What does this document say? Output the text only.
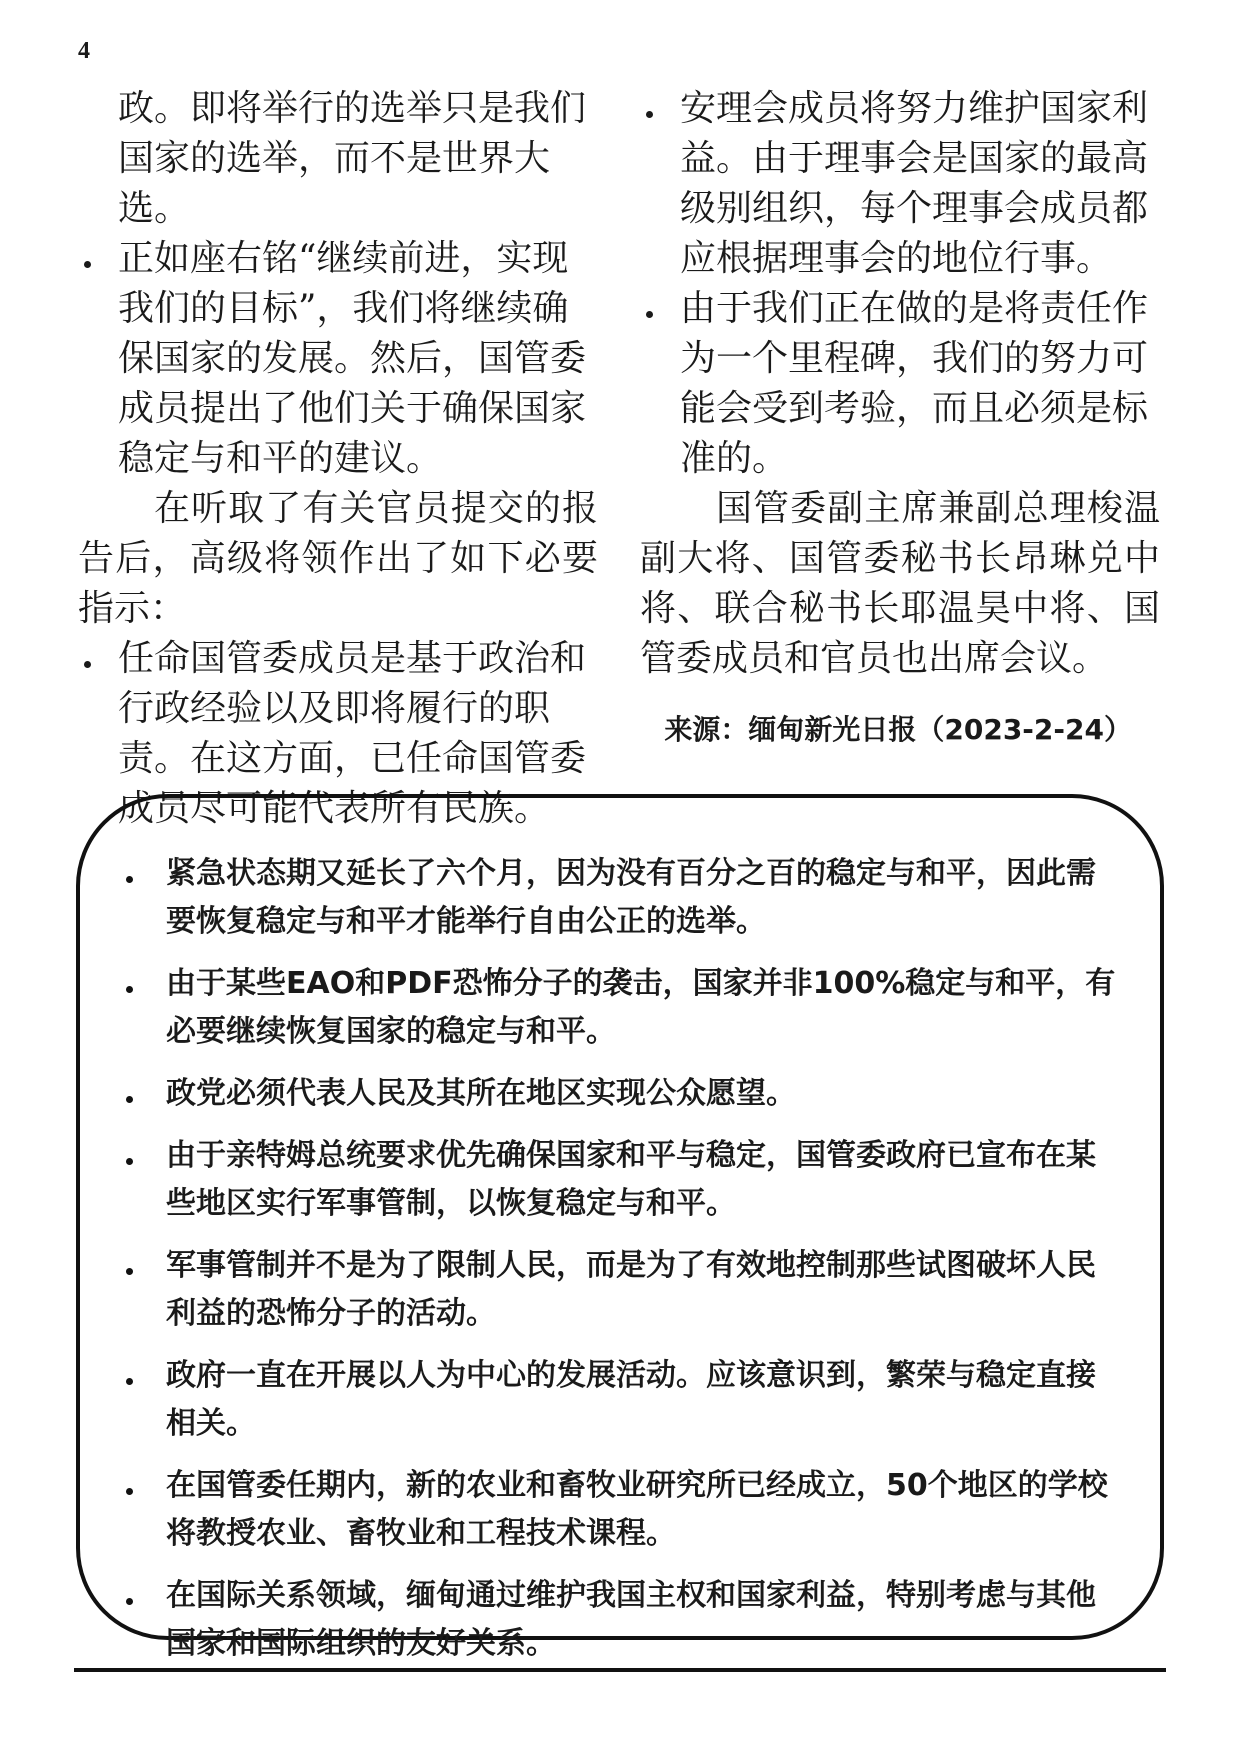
4

政。即将举行的选举只是我们国家的选举，而不是世界大选。

正如座右铭“继续前进，实现我们的目标”，我们将继续确保国家的发展。然后，国管委成员提出了他们关于确保国家稳定与和平的建议。

在听取了有关官员提交的报告后，高级将领作出了如下必要指示：

任命国管委成员是基于政治和行政经验以及即将履行的职责。在这方面，已任命国管委成员尽可能代表所有民族。

安理会成员将努力维护国家利益。由于理事会是国家的最高级别组织，每个理事会成员都应根据理事会的地位行事。

由于我们正在做的是将责任作为一个里程碑，我们的努力可能会受到考验，而且必须是标准的。

国管委副主席兼副总理梭温副大将、国管委秘书长昂琳兑中将、联合秘书长耶温昊中将、国管委成员和官员也出席会议。

来源：缅甸新光日报（2023-2-24）

紧急状态期又延长了六个月，因为没有百分之百的稳定与和平，因此需要恢复稳定与和平才能举行自由公正的选举。

由于某些EAO和PDF恐怖分子的袭击，国家并非100%稳定与和平，有必要继续恢复国家的稳定与和平。

政党必须代表人民及其所在地区实现公众愿望。

由于亲特姆总统要求优先确保国家和平与稳定，国管委政府已宣布在某些地区实行军事管制，以恢复稳定与和平。

军事管制并不是为了限制人民，而是为了有效地控制那些试图破坏人民利益的恐怖分子的活动。

政府一直在开展以人为中心的发展活动。应该意识到，繁荣与稳定直接相关。

在国管委任期内，新的农业和畜牧业研究所已经成立，50个地区的学校将教授农业、畜牧业和工程技术课程。

在国际关系领域，缅甸通过维护我国主权和国家利益，特别考虑与其他国家和国际组织的友好关系。
